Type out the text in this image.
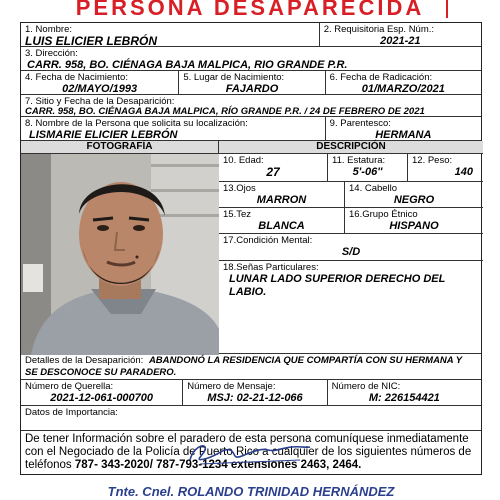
PERSONA DESAPARECIDA
1. Nombre:
LUIS ELICIER LEBRÓN
2. Requisitoria Esp. Núm.:
2021-21
3. Dirección:
CARR. 958, BO. CIÉNAGA BAJA MALPICA, RIO GRANDE P.R.
4. Fecha de Nacimiento:
02/MAYO/1993
5. Lugar de Nacimiento:
FAJARDO
6. Fecha de Radicación:
01/MARZO/2021
7. Sitio y Fecha de la Desaparición:
CARR. 958, BO. CIÉNAGA BAJA MALPICA, RÍO GRANDE P.R. / 24 DE FEBRERO DE 2021
8. Nombre de la Persona que solicita su localización:
LISMARIE ELICIER LEBRÓN
9. Parentesco:
HERMANA
FOTOGRAFÍA	DESCRIPCIÓN
10. Edad:
27
11. Estatura:
5'-06''
12. Peso:
140
13.Ojos
MARRON
14. Cabello
NEGRO
15.Tez
BLANCA
16.Grupo Étnico
HISPANO
17.Condición Mental:
S/D
18.Señas Particulares:
LUNAR LADO SUPERIOR DERECHO DEL LABIO.
Detalles de la Desaparición: ABANDONÓ LA RESIDENCIA QUE COMPARTÍA CON SU HERMANA Y SE DESCONOCE SU PARADERO.
Número de Querella:
2021-12-061-000700
Número de Mensaje:
MSJ: 02-21-12-066
Número de NIC:
M: 226154421
Datos de Importancia:
De tener Información sobre el paradero de esta persona comuníquese inmediatamente con el Negociado de la Policía de Puerto Rico a cualquier de los siguientes números de teléfonos 787- 343-2020/ 787-793-1234 extensiones 2463, 2464.
Tnte. Cnel. ROLANDO TRINIDAD HERNÁNDEZ
